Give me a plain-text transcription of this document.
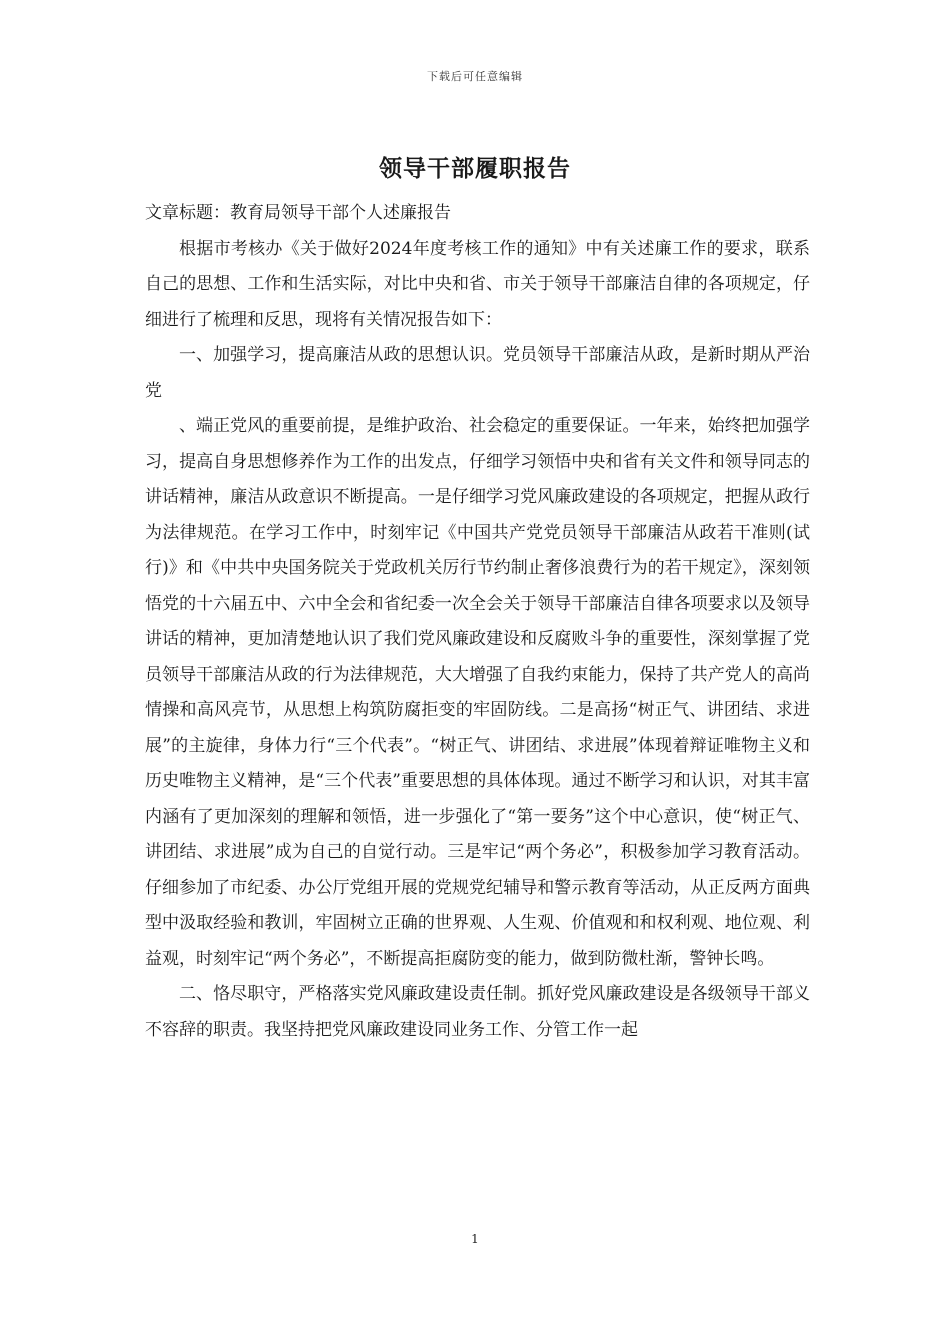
下载后可任意编辑
领导干部履职报告

文章标题：教育局领导干部个人述廉报告

根据市考核办《关于做好2024年度考核工作的通知》中有关述廉工作的要求，联系自己的思想、工作和生活实际，对比中央和省、市关于领导干部廉洁自律的各项规定，仔细进行了梳理和反思，现将有关情况报告如下：

一、加强学习，提高廉洁从政的思想认识。党员领导干部廉洁从政，是新时期从严治党

、端正党风的重要前提，是维护政治、社会稳定的重要保证。一年来，始终把加强学习，提高自身思想修养作为工作的出发点，仔细学习领悟中央和省有关文件和领导同志的讲话精神，廉洁从政意识不断提高。一是仔细学习党风廉政建设的各项规定，把握从政行为法律规范。在学习工作中，时刻牢记《中国共产党党员领导干部廉洁从政若干准则(试行)》和《中共中央国务院关于党政机关厉行节约制止奢侈浪费行为的若干规定》，深刻领悟党的十六届五中、六中全会和省纪委一次全会关于领导干部廉洁自律各项要求以及领导讲话的精神，更加清楚地认识了我们党风廉政建设和反腐败斗争的重要性，深刻掌握了党员领导干部廉洁从政的行为法律规范，大大增强了自我约束能力，保持了共产党人的高尚情操和高风亮节，从思想上构筑防腐拒变的牢固防线。二是高扬“树正气、讲团结、求进展”的主旋律，身体力行“三个代表”。“树正气、讲团结、求进展”体现着辩证唯物主义和历史唯物主义精神，是“三个代表”重要思想的具体体现。通过不断学习和认识，对其丰富内涵有了更加深刻的理解和领悟，进一步强化了“第一要务”这个中心意识，使“树正气、讲团结、求进展”成为自己的自觉行动。三是牢记“两个务必”，积极参加学习教育活动。仔细参加了市纪委、办公厅党组开展的党规党纪辅导和警示教育等活动，从正反两方面典型中汲取经验和教训，牢固树立正确的世界观、人生观、价值观和和权利观、地位观、利益观，时刻牢记“两个务必”，不断提高拒腐防变的能力，做到防微杜渐，警钟长鸣。

二、恪尽职守，严格落实党风廉政建设责任制。抓好党风廉政建设是各级领导干部义不容辞的职责。我坚持把党风廉政建设同业务工作、分管工作一起

1
